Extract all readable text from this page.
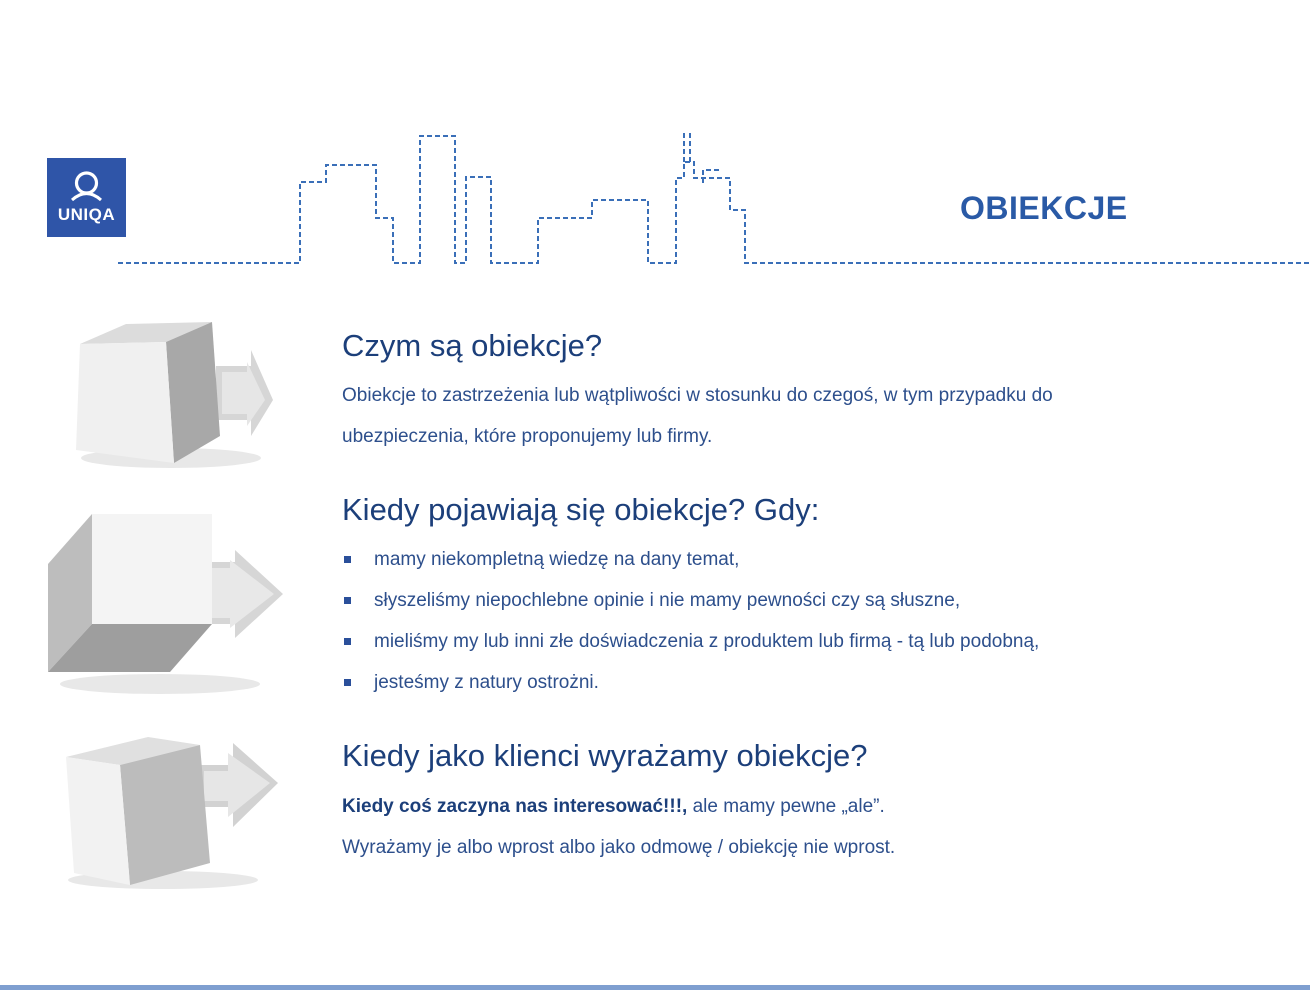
UNIQA	OBIEKCJE
Czym są obiekcje?
Obiekcje to zastrzeżenia lub wątpliwości w stosunku do czegoś, w tym przypadku do
ubezpieczenia, które proponujemy lub firmy.
Kiedy pojawiają się obiekcje? Gdy:
mamy niekompletną wiedzę na dany temat,
słyszeliśmy niepochlebne opinie i nie mamy pewności czy są słuszne,
mieliśmy my lub inni złe doświadczenia z produktem lub firmą - tą lub podobną,
jesteśmy z natury ostrożni.
Kiedy jako klienci wyrażamy obiekcje?
Kiedy coś zaczyna nas interesować!!!, ale mamy pewne „ale”.
Wyrażamy je albo wprost albo jako odmowę / obiekcję nie wprost.
